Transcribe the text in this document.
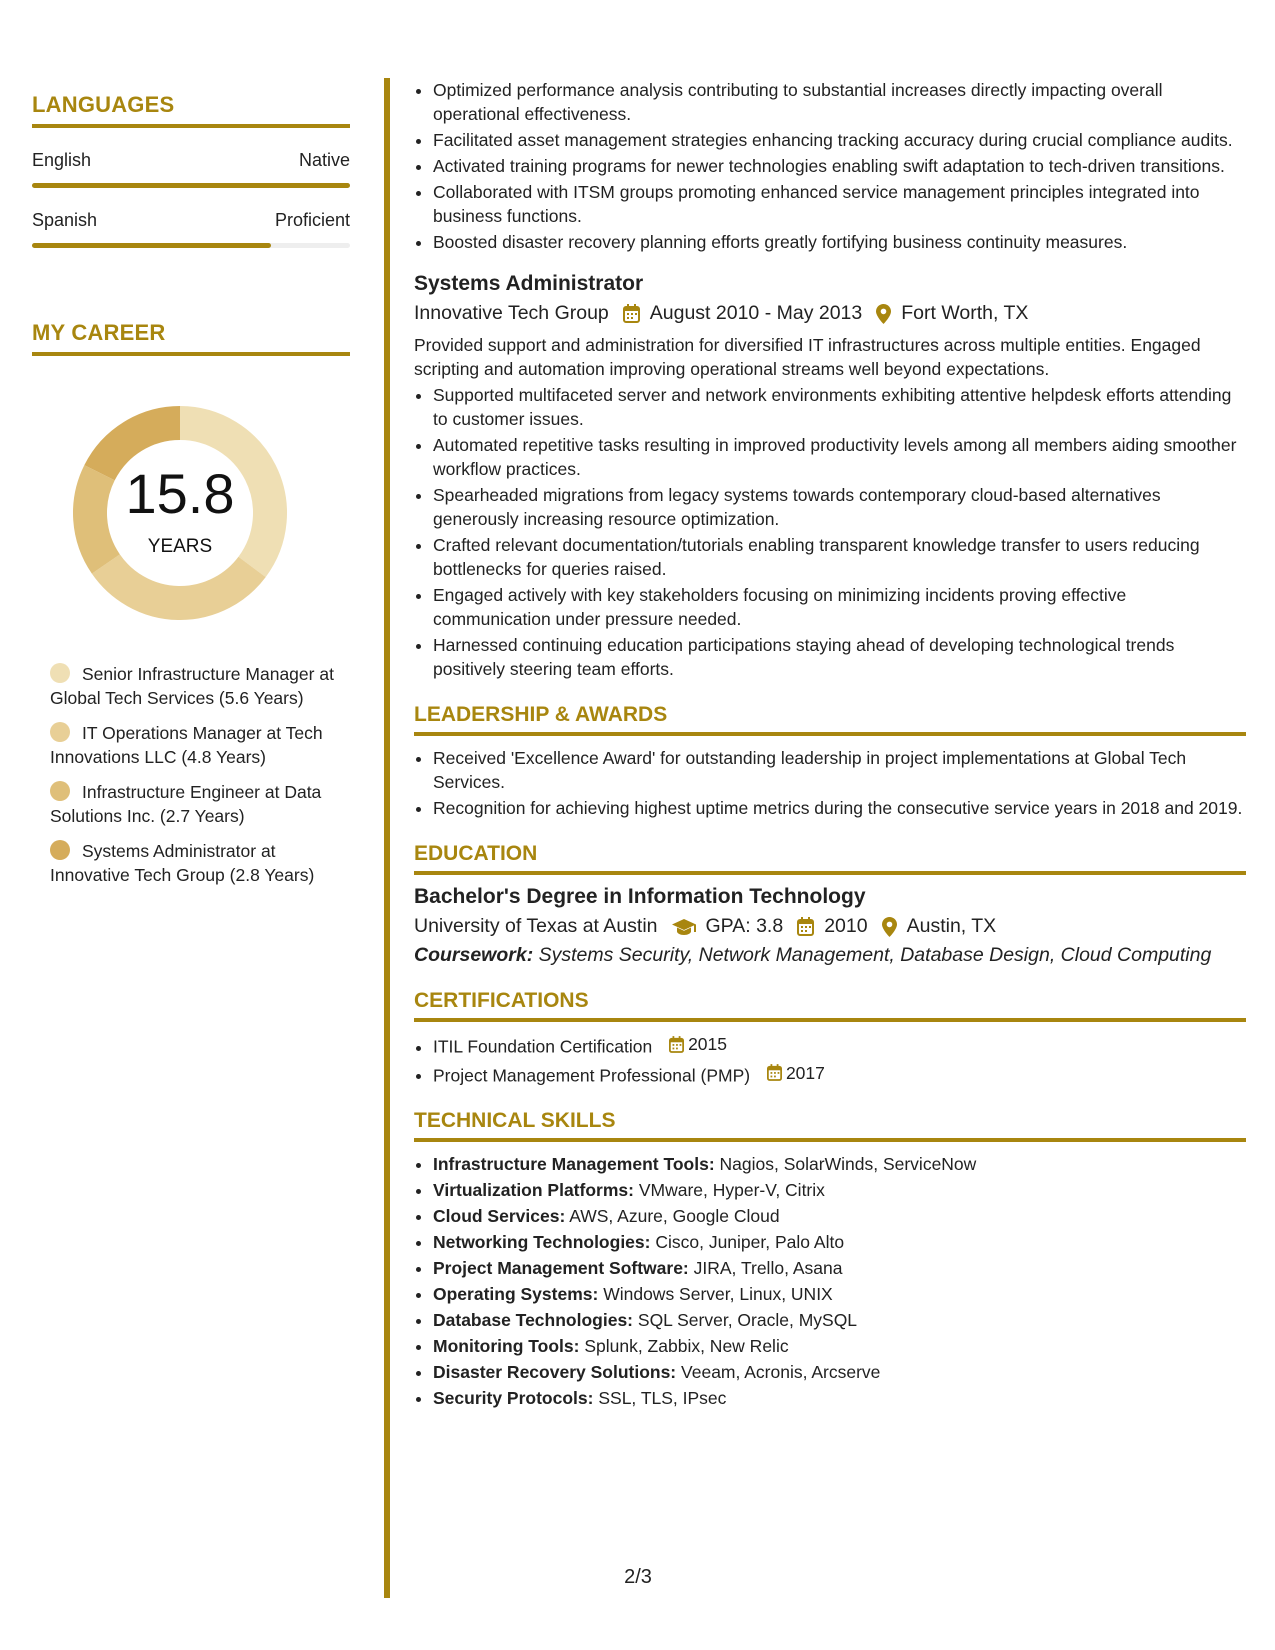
LANGUAGES
English	Native
Spanish	Proficient
MY CAREER
15.8
YEARS
Senior Infrastructure Manager at Global Tech Services (5.6 Years)
IT Operations Manager at Tech Innovations LLC (4.8 Years)
Infrastructure Engineer at Data Solutions Inc. (2.7 Years)
Systems Administrator at Innovative Tech Group (2.8 Years)
• Optimized performance analysis contributing to substantial increases directly impacting overall operational effectiveness.
• Facilitated asset management strategies enhancing tracking accuracy during crucial compliance audits.
• Activated training programs for newer technologies enabling swift adaptation to tech-driven transitions.
• Collaborated with ITSM groups promoting enhanced service management principles integrated into business functions.
• Boosted disaster recovery planning efforts greatly fortifying business continuity measures.
Systems Administrator
Innovative Tech Group August 2010 - May 2013 Fort Worth, TX
Provided support and administration for diversified IT infrastructures across multiple entities. Engaged scripting and automation improving operational streams well beyond expectations.
• Supported multifaceted server and network environments exhibiting attentive helpdesk efforts attending to customer issues.
• Automated repetitive tasks resulting in improved productivity levels among all members aiding smoother workflow practices.
• Spearheaded migrations from legacy systems towards contemporary cloud-based alternatives generously increasing resource optimization.
• Crafted relevant documentation/tutorials enabling transparent knowledge transfer to users reducing bottlenecks for queries raised.
• Engaged actively with key stakeholders focusing on minimizing incidents proving effective communication under pressure needed.
• Harnessed continuing education participations staying ahead of developing technological trends positively steering team efforts.
LEADERSHIP & AWARDS
• Received 'Excellence Award' for outstanding leadership in project implementations at Global Tech Services.
• Recognition for achieving highest uptime metrics during the consecutive service years in 2018 and 2019.
EDUCATION
Bachelor's Degree in Information Technology
University of Texas at Austin GPA: 3.8 2010 Austin, TX
Coursework: Systems Security, Network Management, Database Design, Cloud Computing
CERTIFICATIONS
• ITIL Foundation Certification 2015
• Project Management Professional (PMP) 2017
TECHNICAL SKILLS
• Infrastructure Management Tools: Nagios, SolarWinds, ServiceNow
• Virtualization Platforms: VMware, Hyper-V, Citrix
• Cloud Services: AWS, Azure, Google Cloud
• Networking Technologies: Cisco, Juniper, Palo Alto
• Project Management Software: JIRA, Trello, Asana
• Operating Systems: Windows Server, Linux, UNIX
• Database Technologies: SQL Server, Oracle, MySQL
• Monitoring Tools: Splunk, Zabbix, New Relic
• Disaster Recovery Solutions: Veeam, Acronis, Arcserve
• Security Protocols: SSL, TLS, IPsec
2/3
